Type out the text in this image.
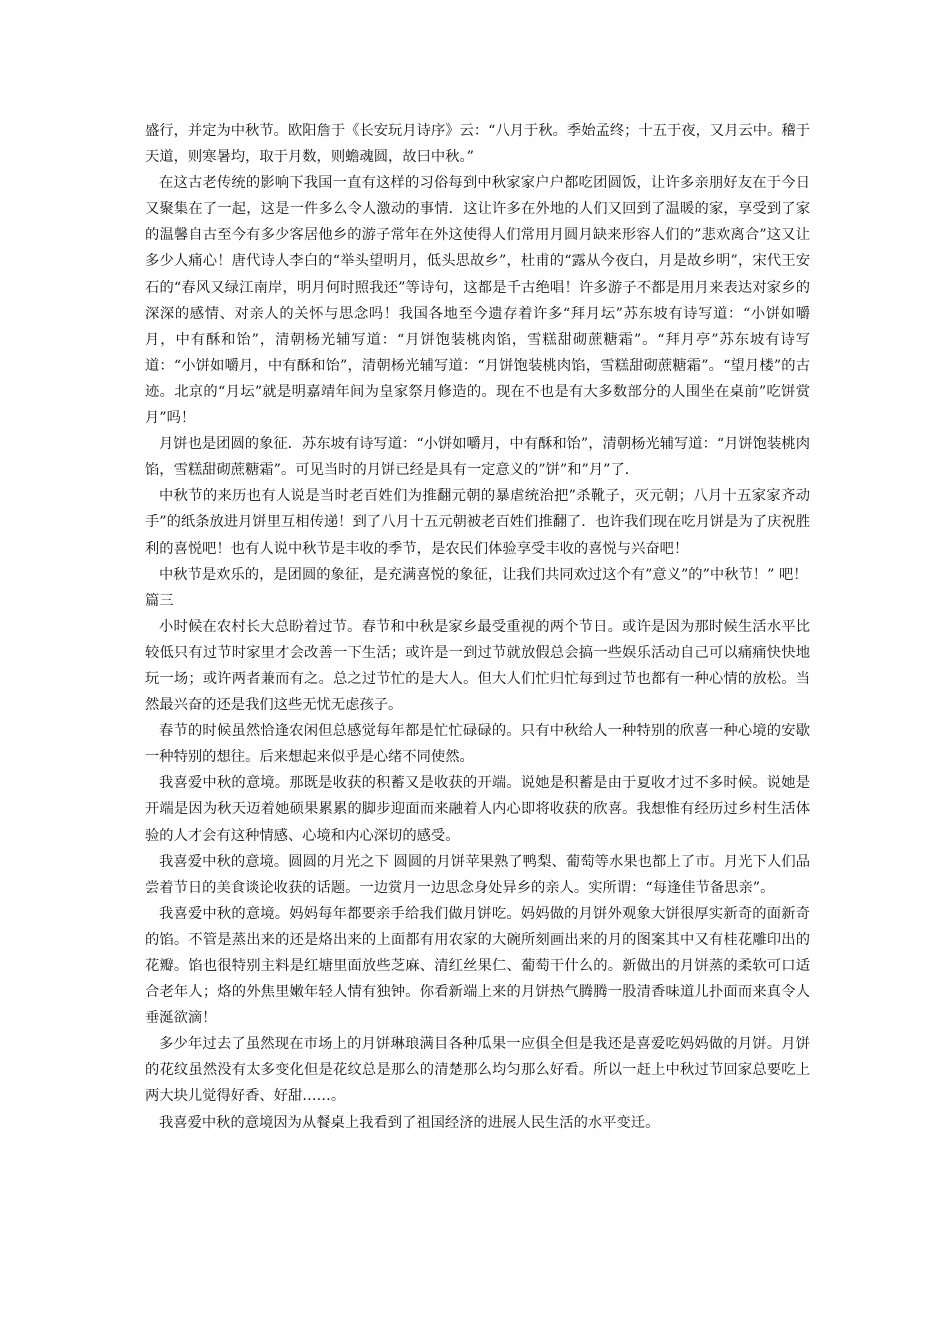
盛行，并定为中秋节。欧阳詹于《长安玩月诗序》云：“八月于秋。季始孟终；十五于夜，又月云中。稽于天道，则寒暑均，取于月数，则蟾魂圆，故曰中秋。”

在这古老传统的影响下我国一直有这样的习俗每到中秋家家户户都吃团圆饭，让许多亲朋好友在于今日又聚集在了一起，这是一件多么令人激动的事情．这让许多在外地的人们又回到了温暖的家，享受到了家的温馨自古至今有多少客居他乡的游子常年在外这使得人们常用月圆月缺来形容人们的”悲欢离合”这又让多少人痛心！唐代诗人李白的“举头望明月，低头思故乡”，杜甫的“露从今夜白，月是故乡明”，宋代王安石的“春风又绿江南岸，明月何时照我还”等诗句，这都是千古绝唱！许多游子不都是用月来表达对家乡的深深的感情、对亲人的关怀与思念吗！我国各地至今遗存着许多“拜月坛”苏东坡有诗写道：“小饼如嚼月，中有酥和饴”，清朝杨光辅写道：“月饼饱装桃肉馅，雪糕甜砌蔗糖霜”。“拜月亭”苏东坡有诗写道：“小饼如嚼月，中有酥和饴”，清朝杨光辅写道：“月饼饱装桃肉馅，雪糕甜砌蔗糖霜”。“望月楼”的古迹。北京的“月坛”就是明嘉靖年间为皇家祭月修造的。现在不也是有大多数部分的人围坐在桌前”吃饼赏月”吗！

月饼也是团圆的象征．苏东坡有诗写道：“小饼如嚼月，中有酥和饴”，清朝杨光辅写道：“月饼饱装桃肉馅，雪糕甜砌蔗糖霜”。可见当时的月饼已经是具有一定意义的”饼”和”月”了．

中秋节的来历也有人说是当时老百姓们为推翻元朝的暴虐统治把”杀靴子，灭元朝；八月十五家家齐动手”的纸条放进月饼里互相传递！到了八月十五元朝被老百姓们推翻了．也许我们现在吃月饼是为了庆祝胜利的喜悦吧！也有人说中秋节是丰收的季节，是农民们体验享受丰收的喜悦与兴奋吧！

中秋节是欢乐的，是团圆的象征，是充满喜悦的象征，让我们共同欢过这个有”意义”的”中秋节！” 吧！

篇三

小时候在农村长大总盼着过节。春节和中秋是家乡最受重视的两个节日。或许是因为那时候生活水平比较低只有过节时家里才会改善一下生活；或许是一到过节就放假总会搞一些娱乐活动自己可以痛痛快快地玩一场；或许两者兼而有之。总之过节忙的是大人。但大人们忙归忙每到过节也都有一种心情的放松。当然最兴奋的还是我们这些无忧无虑孩子。

春节的时候虽然恰逢农闲但总感觉每年都是忙忙碌碌的。只有中秋给人一种特别的欣喜一种心境的安歇一种特别的想往。后来想起来似乎是心绪不同使然。

我喜爱中秋的意境。那既是收获的积蓄又是收获的开端。说她是积蓄是由于夏收才过不多时候。说她是开端是因为秋天迈着她硕果累累的脚步迎面而来融着人内心即将收获的欣喜。我想惟有经历过乡村生活体验的人才会有这种情感、心境和内心深切的感受。

我喜爱中秋的意境。圆圆的月光之下 圆圆的月饼苹果熟了鸭梨、葡萄等水果也都上了市。月光下人们品尝着节日的美食谈论收获的话题。一边赏月一边思念身处异乡的亲人。实所谓：“每逢佳节备思亲”。

我喜爱中秋的意境。妈妈每年都要亲手给我们做月饼吃。妈妈做的月饼外观象大饼很厚实新奇的面新奇的馅。不管是蒸出来的还是烙出来的上面都有用农家的大碗所刻画出来的月的图案其中又有桂花雕印出的花瓣。馅也很特别主料是红塘里面放些芝麻、清红丝果仁、葡萄干什么的。新做出的月饼蒸的柔软可口适合老年人；烙的外焦里嫩年轻人情有独钟。你看新端上来的月饼热气腾腾一股清香味道儿扑面而来真令人垂涎欲滴！

多少年过去了虽然现在市场上的月饼琳琅满目各种瓜果一应俱全但是我还是喜爱吃妈妈做的月饼。月饼的花纹虽然没有太多变化但是花纹总是那么的清楚那么均匀那么好看。所以一赶上中秋过节回家总要吃上两大块儿觉得好香、好甜……。

我喜爱中秋的意境因为从餐桌上我看到了祖国经济的进展人民生活的水平变迁。
